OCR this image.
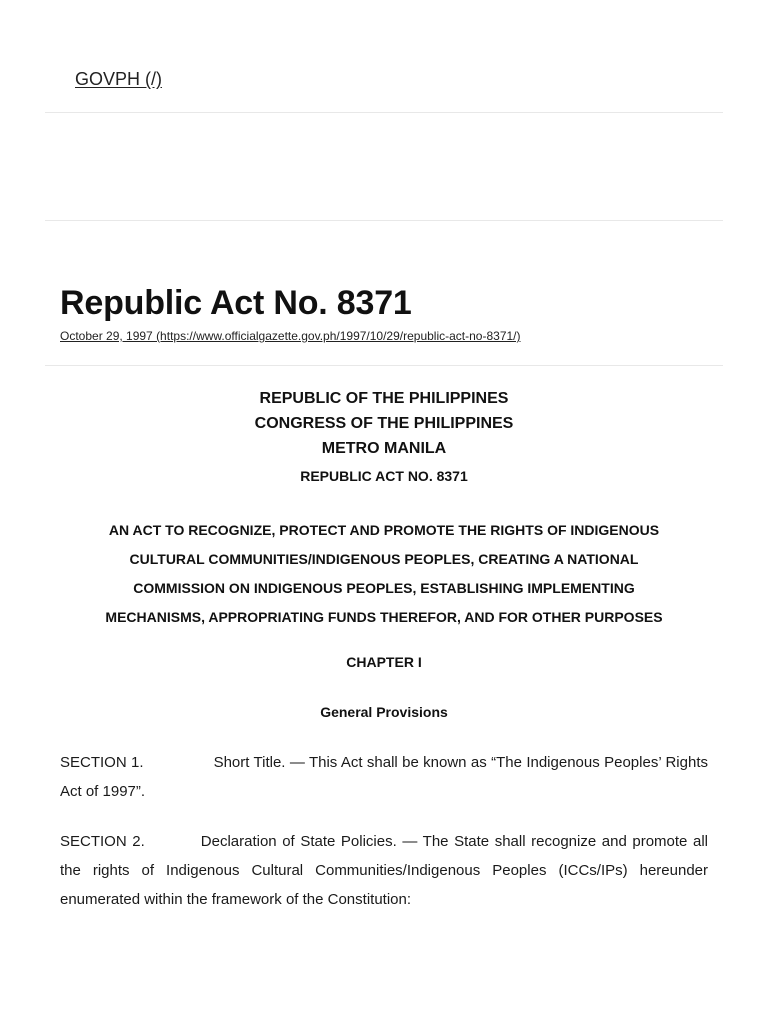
GOVPH (/)
Republic Act No. 8371
October 29, 1997 (https://www.officialgazette.gov.ph/1997/10/29/republic-act-no-8371/)
REPUBLIC OF THE PHILIPPINES
CONGRESS OF THE PHILIPPINES
METRO MANILA
REPUBLIC ACT NO. 8371
AN ACT TO RECOGNIZE, PROTECT AND PROMOTE THE RIGHTS OF INDIGENOUS
CULTURAL COMMUNITIES/INDIGENOUS PEOPLES, CREATING A NATIONAL
COMMISSION ON INDIGENOUS PEOPLES, ESTABLISHING IMPLEMENTING
MECHANISMS, APPROPRIATING FUNDS THEREFOR, AND FOR OTHER PURPOSES
CHAPTER I
General Provisions
SECTION 1.	Short Title. — This Act shall be known as “The Indigenous Peoples’ Rights Act of 1997”.
SECTION 2.	Declaration of State Policies. — The State shall recognize and promote all the rights of Indigenous Cultural Communities/Indigenous Peoples (ICCs/IPs) hereunder enumerated within the framework of the Constitution:
